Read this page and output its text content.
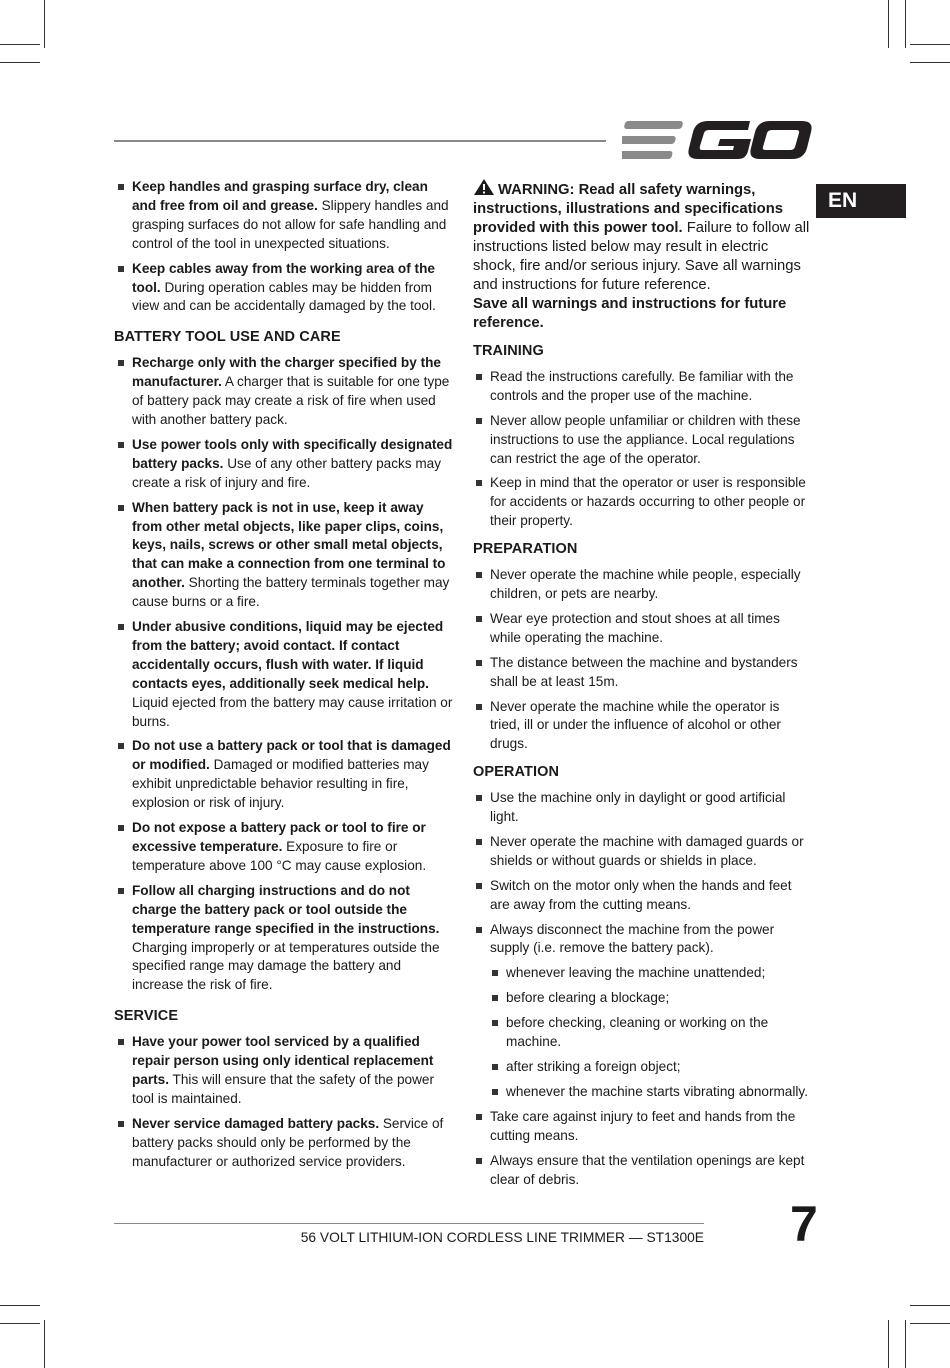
EN
Keep handles and grasping surface dry, clean and free from oil and grease. Slippery handles and grasping surfaces do not allow for safe handling and control of the tool in unexpected situations.
Keep cables away from the working area of the tool. During operation cables may be hidden from view and can be accidentally damaged by the tool.
BATTERY TOOL USE AND CARE
Recharge only with the charger specified by the manufacturer. A charger that is suitable for one type of battery pack may create a risk of fire when used with another battery pack.
Use power tools only with specifically designated battery packs. Use of any other battery packs may create a risk of injury and fire.
When battery pack is not in use, keep it away from other metal objects, like paper clips, coins, keys, nails, screws or other small metal objects, that can make a connection from one terminal to another. Shorting the battery terminals together may cause burns or a fire.
Under abusive conditions, liquid may be ejected from the battery; avoid contact. If contact accidentally occurs, flush with water. If liquid contacts eyes, additionally seek medical help. Liquid ejected from the battery may cause irritation or burns.
Do not use a battery pack or tool that is damaged or modified. Damaged or modified batteries may exhibit unpredictable behavior resulting in fire, explosion or risk of injury.
Do not expose a battery pack or tool to fire or excessive temperature. Exposure to fire or temperature above 100 °C may cause explosion.
Follow all charging instructions and do not charge the battery pack or tool outside the temperature range specified in the instructions. Charging improperly or at temperatures outside the specified range may damage the battery and increase the risk of fire.
SERVICE
Have your power tool serviced by a qualified repair person using only identical replacement parts. This will ensure that the safety of the power tool is maintained.
Never service damaged battery packs. Service of battery packs should only be performed by the manufacturer or authorized service providers.
WARNING: Read all safety warnings, instructions, illustrations and specifications provided with this power tool. Failure to follow all instructions listed below may result in electric shock, fire and/or serious injury. Save all warnings and instructions for future reference.
Save all warnings and instructions for future reference.
TRAINING
Read the instructions carefully. Be familiar with the controls and the proper use of the machine.
Never allow people unfamiliar or children with these instructions to use the appliance. Local regulations can restrict the age of the operator.
Keep in mind that the operator or user is responsible for accidents or hazards occurring to other people or their property.
PREPARATION
Never operate the machine while people, especially children, or pets are nearby.
Wear eye protection and stout shoes at all times while operating the machine.
The distance between the machine and bystanders shall be at least 15m.
Never operate the machine while the operator is tried, ill or under the influence of alcohol or other drugs.
OPERATION
Use the machine only in daylight or good artificial light.
Never operate the machine with damaged guards or shields or without guards or shields in place.
Switch on the motor only when the hands and feet are away from the cutting means.
Always disconnect the machine from the power supply (i.e. remove the battery pack).
whenever leaving the machine unattended;
before clearing a blockage;
before checking, cleaning or working on the machine.
after striking a foreign object;
whenever the machine starts vibrating abnormally.
Take care against injury to feet and hands from the cutting means.
Always ensure that the ventilation openings are kept clear of debris.
56 VOLT LITHIUM-ION CORDLESS LINE TRIMMER — ST1300E 7
